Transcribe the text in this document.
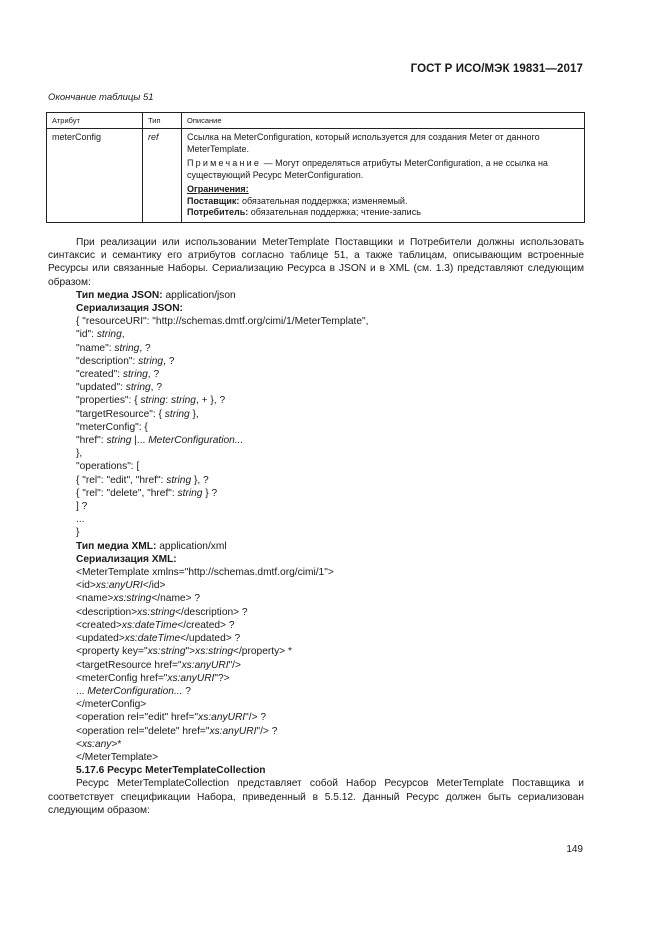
ГОСТ Р ИСО/МЭК 19831—2017
Окончание таблицы 51
Атрибут	Тип	Описание
meterConfig	ref	Ссылка на MeterConfiguration, который используется для создания Meter от данного MeterTemplate.
Примечание — Могут определяться атрибуты MeterConfiguration, а не ссылка на существующий Ресурс MeterConfiguration.
Ограничения:
Поставщик: обязательная поддержка; изменяемый.
Потребитель: обязательная поддержка; чтение-запись

При реализации или использовании MeterTemplate Поставщики и Потребители должны использовать синтаксис и семантику его атрибутов согласно таблице 51, а также таблицам, описывающим встроенные Ресурсы или связанные Наборы. Сериализацию Ресурса в JSON и в XML (см. 1.3) представляют следующим образом:

Тип медиа JSON: application/json
Сериализация JSON:
{ "resourceURI": "http://schemas.dmtf.org/cimi/1/MeterTemplate",
"id": string,
"name": string, ?
"description": string, ?
"created": string, ?
"updated": string, ?
"properties": { string: string, + }, ?
"targetResource": { string },
"meterConfig": {
"href": string |... MeterConfiguration...
},
"operations": [
{ "rel": "edit", "href": string }, ?
{ "rel": "delete", "href": string } ?
] ?
...
}
Тип медиа XML: application/xml
Сериализация XML:
<MeterTemplate xmlns="http://schemas.dmtf.org/cimi/1">
<id>xs:anyURI</id>
<name>xs:string</name> ?
<description>xs:string</description> ?
<created>xs:dateTime</created> ?
<updated>xs:dateTime</updated> ?
<property key="xs:string">xs:string</property> *
<targetResource href="xs:anyURI"/>
<meterConfig href="xs:anyURI"?>
... MeterConfiguration... ?
</meterConfig>
<operation rel="edit" href="xs:anyURI"/> ?
<operation rel="delete" href="xs:anyURI"/> ?
<xs:any>*
</MeterTemplate>
5.17.6 Ресурс MeterTemplateCollection

Ресурс MeterTemplateCollection представляет собой Набор Ресурсов MeterTemplate Поставщика и соответствует спецификации Набора, приведенный в 5.5.12. Данный Ресурс должен быть сериализован следующим образом:

149
